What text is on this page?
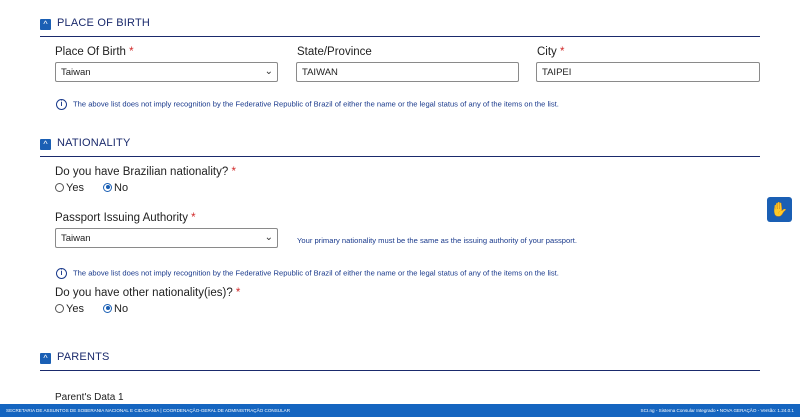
^ PLACE OF BIRTH
Place Of Birth *
Taiwan	⌄
State/Province
TAIWAN
City *
TAIPEI
i The above list does not imply recognition by the Federative Republic of Brazil of either the name or the legal status of any of the items on the list.
^ NATIONALITY
Do you have Brazilian nationality? *
Yes	No
Passport Issuing Authority *
Taiwan	⌄	Your primary nationality must be the same as the issuing authority of your passport.
i The above list does not imply recognition by the Federative Republic of Brazil of either the name or the legal status of any of the items on the list.
Do you have other nationality(ies)? *
Yes	No
^ PARENTS
Parent's Data 1
✋
SECRETARIA DE ASSUNTOS DE SOBERANIA NACIONAL E CIDADANIA | COORDENAÇÃO-GERAL DE ADMINISTRAÇÃO CONSULAR	SCI.ng - Sistema Consular Integrado • NOVA GERAÇÃO - Versão: 1.24.0.1
